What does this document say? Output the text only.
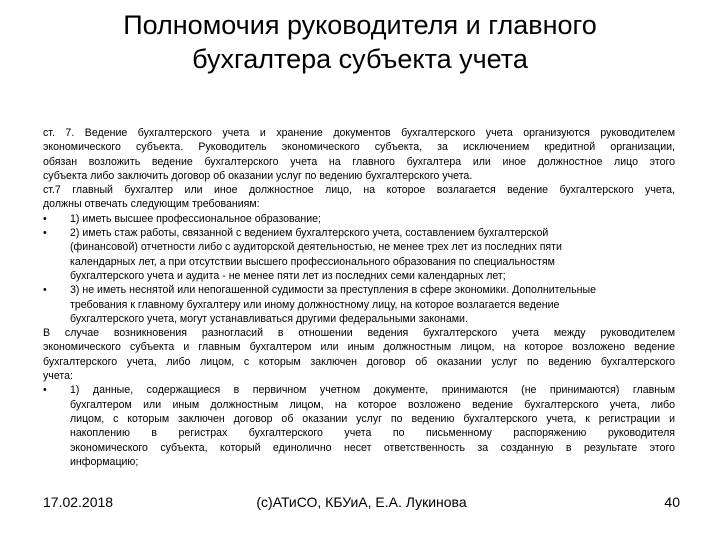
Полномочия руководителя и главного
бухгалтера субъекта учета
ст. 7. Ведение бухгалтерского учета и хранение документов бухгалтерского учета организуются руководителем
экономического субъекта. Руководитель экономического субъекта, за исключением кредитной организации,
обязан возложить ведение бухгалтерского учета на главного бухгалтера или иное должностное лицо этого
субъекта либо заключить договор об оказании услуг по ведению бухгалтерского учета.
ст.7 главный бухгалтер или иное должностное лицо, на которое возлагается ведение бухгалтерского учета,
должны отвечать следующим требованиям:
•	1) иметь высшее профессиональное образование;
•	2) иметь стаж работы, связанной с ведением бухгалтерского учета, составлением бухгалтерской
(финансовой) отчетности либо с аудиторской деятельностью, не менее трех лет из последних пяти
календарных лет, а при отсутствии высшего профессионального образования по специальностям
бухгалтерского учета и аудита - не менее пяти лет из последних семи календарных лет;
•	3) не иметь неснятой или непогашенной судимости за преступления в сфере экономики. Дополнительные
требования к главному бухгалтеру или иному должностному лицу, на которое возлагается ведение
бухгалтерского учета, могут устанавливаться другими федеральными законами.
В случае возникновения разногласий в отношении ведения бухгалтерского учета между руководителем
экономического субъекта и главным бухгалтером или иным должностным лицом, на которое возложено ведение
бухгалтерского учета, либо лицом, с которым заключен договор об оказании услуг по ведению бухгалтерского
учета:
•	1) данные, содержащиеся в первичном учетном документе, принимаются (не принимаются) главным
бухгалтером или иным должностным лицом, на которое возложено ведение бухгалтерского учета, либо
лицом, с которым заключен договор об оказании услуг по ведению бухгалтерского учета, к регистрации и
накоплению в регистрах бухгалтерского учета по письменному распоряжению руководителя
экономического субъекта, который единолично несет ответственность за созданную в результате этого
информацию;
17.02.2018	(с)АТиСО, КБУиА, Е.А. Лукинова	40
